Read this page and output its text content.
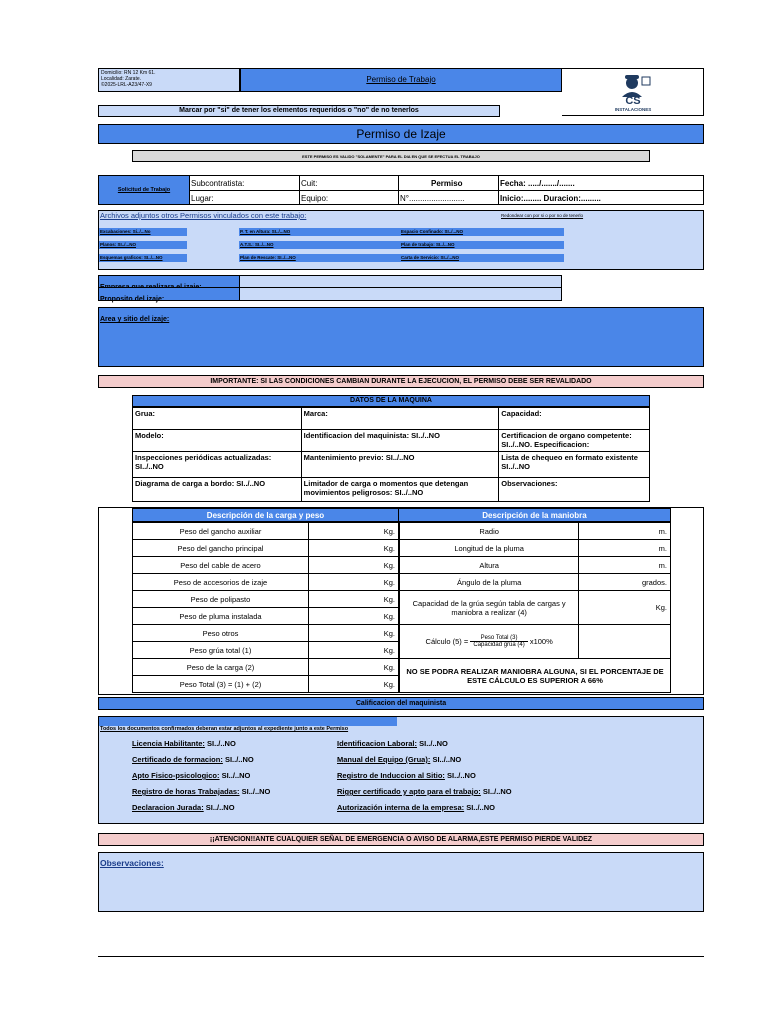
Domicilio: RN 12 Km 61.
Localidad: Zarate.
©2025-LRL-A23/47-X9
Permiso de Trabajo
CS
INSTALACIONES
Marcar por "si" de tener los elementos requeridos o "no" de no tenerlos
Permiso de Izaje
ESTE PERMISO ES VALIDO "SOLAMENTE" PARA EL DIA EN QUE SE EFECTUA EL TRABAJO
Solicitud de Trabajo
Subcontratista:	Cuit:	Permiso	Fecha: ...../......./.......
Lugar:	Equipo:	N°.........................	Inicio:........ Duracion:.........
Archivos adjuntos otros Permisos vinculados con este trabajo:	Redondear con por si o por no de tenerlo
Excabaciones: Si../...No	P. T. en Altura: SI../...NO	Espacio Confinado: SI../...NO
Planos: SI../...NO	A.T.S.: SI../...NO	Plan de trabajo: SI../...NO
Esquemas graficos: SI../...NO	Plan de Rescate: SI../...NO	Carta de Servicio: SI../...NO
Proposito del izaje:
Area y sitio del izaje:
IMPORTANTE: SI LAS CONDICIONES CAMBIAN DURANTE LA EJECUCION, EL PERMISO DEBE SER REVALIDADO
DATOS DE LA MAQUINA
Grua:	Marca:	Capacidad:
Modelo:	Identificacion del maquinista: SI../..NO	Certificacion de organo competente: SI../..NO. Especificacion:
Inspecciones periódicas actualizadas: SI../..NO	Mantenimiento previo: SI../..NO	Lista de chequeo en formato existente SI../..NO
Diagrama de carga a bordo: SI../..NO	Limitador de carga o momentos que detengan movimientos peligrosos: SI../..NO	Observaciones:
Descripción de la carga y peso	Descripción de la maniobra
Peso del gancho auxiliar	Kg.
Peso del gancho principal	Kg.
Peso del cable de acero	Kg.
Peso de accesorios de izaje	Kg.
Peso de polipasto	Kg.
Peso de pluma instalada	Kg.
Peso otros	Kg.
Peso grúa total (1)	Kg.
Peso de la carga (2)	Kg.
Peso Total (3) = (1) + (2)	Kg.
Radio	m.
Longitud de la pluma	m.
Altura	m.
Ángulo de la pluma	grados.
Capacidad de la grúa según tabla de cargas y maniobra a realizar (4)	Kg.
Cálculo (5) = Peso Total (3)
Capacidad grúa (4) x100%	
NO SE PODRA REALIZAR MANIOBRA ALGUNA, SI EL PORCENTAJE DE ESTE CÁLCULO ES SUPERIOR A 66%	
Calificacion del maquinista
Todos los documentos confirmados deberan estar adjuntos al expediente junto a este Permiso
Licencia Habilitante: SI../..NO
Certificado de formacion: SI../..NO
Apto Fisico-psicologico: SI../..NO
Registro de horas Trabajadas: SI../..NO
Declaracion Jurada: SI../..NO
Identificacion Laboral: SI../..NO
Manual del Equipo (Grua): SI../..NO
Registro de Induccion al Sitio: SI../..NO
Rigger certificado y apto para el trabajo: SI../..NO
Autorización interna de la empresa: SI../..NO
¡¡ATENCION!!ANTE CUALQUIER SEÑAL DE EMERGENCIA O AVISO DE ALARMA,ESTE PERMISO PIERDE VALIDEZ
Observaciones:
